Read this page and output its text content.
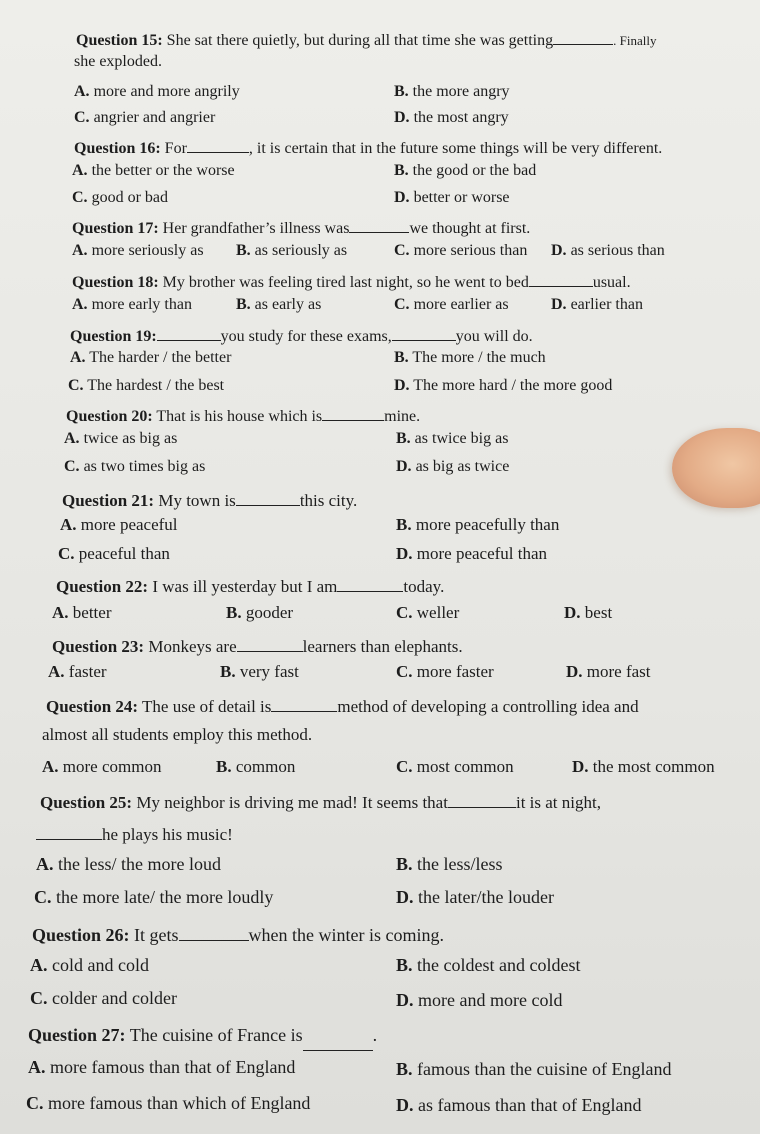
Question 15: She sat there quietly, but during all that time she was getting	. Finally
she exploded.
A. more and more angrily	B. the more angry
C. angrier and angrier	D. the most angry
Question 16: For	, it is certain that in the future some things will be very different.
A. the better or the worse	B. the good or the bad
C. good or bad	D. better or worse
Question 17: Her grandfather’s illness was	we thought at first.
A. more seriously as B. as seriously as	C. more serious than D. as serious than
Question 18: My brother was feeling tired last night, so he went to bed	usual.
A. more early than	B. as early as	C. more earlier as	D. earlier than
Question 19:	you study for these exams,	you will do.
A. The harder / the better	B. The more / the much
C. The hardest / the best	D. The more hard / the more good
Question 20: That is his house which is	mine.
A. twice as big as	B. as twice big as
C. as two times big as	D. as big as twice
Question 21: My town is	this city.
A. more peaceful	B. more peacefully than
C. peaceful than	D. more peaceful than
Question 22: I was ill yesterday but I am	today.
A. better	B. gooder	C. weller	D. best
Question 23: Monkeys are	learners than elephants.
A. faster	B. very fast	C. more faster	D. more fast
Question 24: The use of detail is	method of developing a controlling idea and
almost all students employ this method.
A. more common	B. common	C. most common	D. the most common
Question 25: My neighbor is driving me mad! It seems that	it is at night,
he plays his music!
A. the less/ the more loud	B. the less/less
C. the more late/ the more loudly	D. the later/the louder
Question 26: It gets	when the winter is coming.
A. cold and cold	B. the coldest and coldest
C. colder and colder	D. more and more cold
Question 27: The cuisine of France is	.
A. more famous than that of England	B. famous than the cuisine of England
C. more famous than which of England	D. as famous than that of England
